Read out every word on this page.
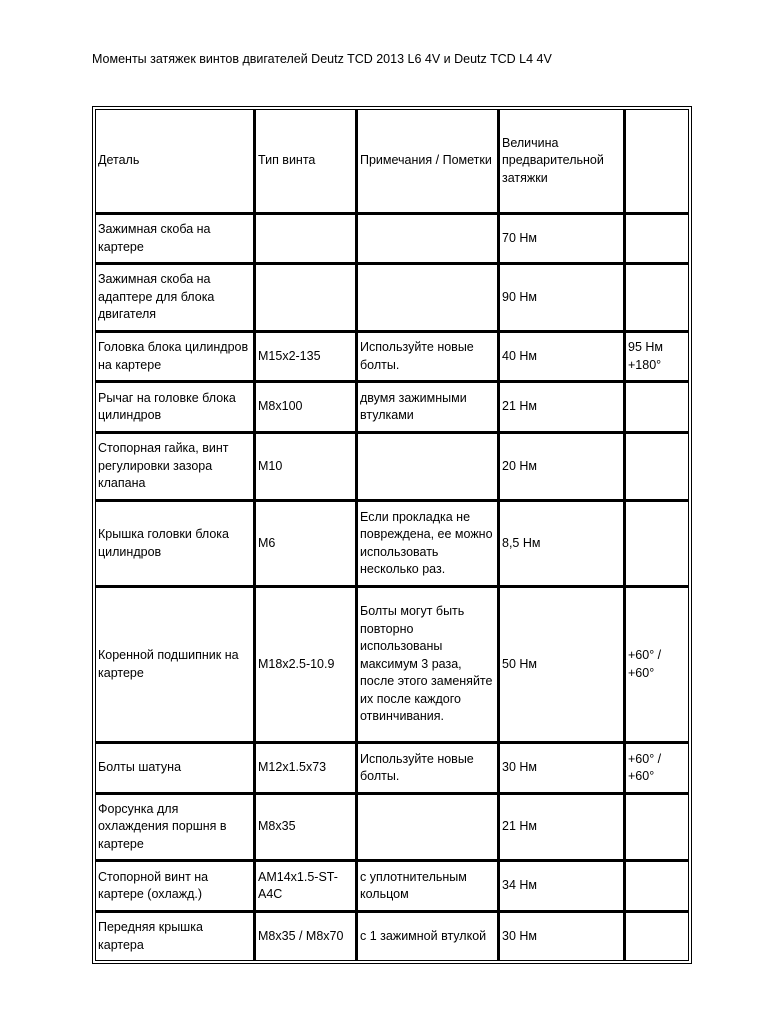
Моменты затяжек винтов двигателей Deutz TCD 2013 L6 4V и Deutz TCD L4 4V
Деталь	Тип винта	Примечания / Пометки	Величина предварительной затяжки	
Зажимная скоба на картере			70 Нм	
Зажимная скоба на адаптере для блока двигателя			90 Нм	
Головка блока цилиндров на картере	M15x2-135	Используйте новые болты.	40 Нм	95 Нм +180°
Рычаг на головке блока цилиндров	M8x100	двумя зажимными втулками	21 Нм	
Стопорная гайка, винт регулировки зазора клапана	M10		20 Нм	
Крышка головки блока цилиндров	M6	Если прокладка не повреждена, ее можно использовать несколько раз.	8,5 Нм	
Коренной подшипник на картере	M18x2.5-10.9	Болты могут быть повторно использованы максимум 3 раза, после этого заменяйте их после каждого отвинчивания.	50 Нм	+60° / +60°
Болты шатуна	M12x1.5x73	Используйте новые болты.	30 Нм	+60° / +60°
Форсунка для охлаждения поршня в картере	M8x35		21 Нм	
Стопорной винт на картере (охлажд.)	AM14x1.5-ST-A4C	с уплотнительным кольцом	34 Нм	
Передняя крышка картера	M8x35 / M8x70	с 1 зажимной втулкой	30 Нм	
